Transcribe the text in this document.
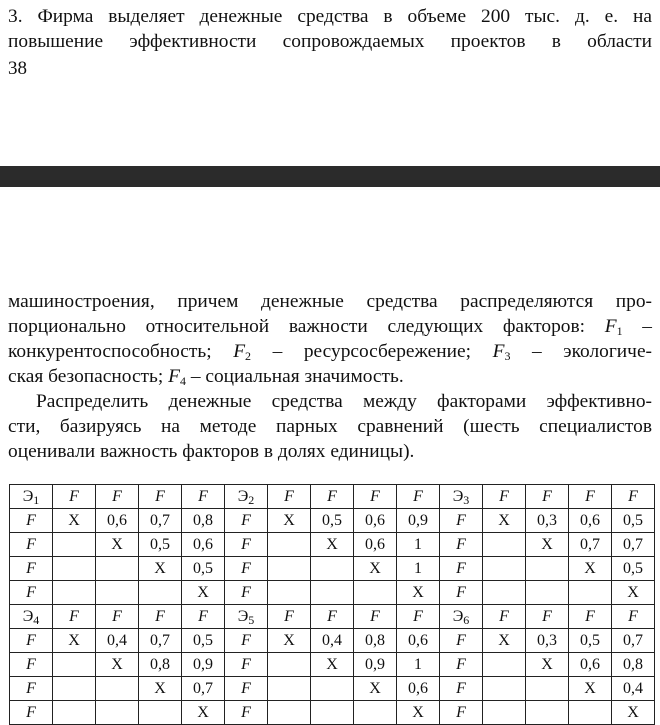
3. Фирма выделяет денежные средства в объеме 200 тыс. д. е. на
повышение эффективности сопровождаемых проектов в области
38
машиностроения, причем денежные средства распределяются про-
порционально относительной важности следующих факторов: $F_1$ –
конкурентоспособность; $F_2$ – ресурсосбережение; $F_3$ – экологиче-
ская безопасность; $F_4$ – социальная значимость.
Распределить денежные средства между факторами эффективно-
сти, базируясь на методе парных сравнений (шесть специалистов
оценивали важность факторов в долях единицы).
$Э_1$	F	F	F	F	$Э_2$	F	F	F	F	$Э_3$	F	F	F	F
F	X	0,6	0,7	0,8	F	X	0,5	0,6	0,9	F	X	0,3	0,6	0,5
F		X	0,5	0,6	F		X	0,6	1	F		X	0,7	0,7
F			X	0,5	F			X	1	F			X	0,5
F				X	F				X	F				X
$Э_4$	F	F	F	F	$Э_5$	F	F	F	F	$Э_6$	F	F	F	F
F	X	0,4	0,7	0,5	F	X	0,4	0,8	0,6	F	X	0,3	0,5	0,7
F		X	0,8	0,9	F		X	0,9	1	F		X	0,6	0,8
F			X	0,7	F			X	0,6	F			X	0,4
F				X	F				X	F				X
